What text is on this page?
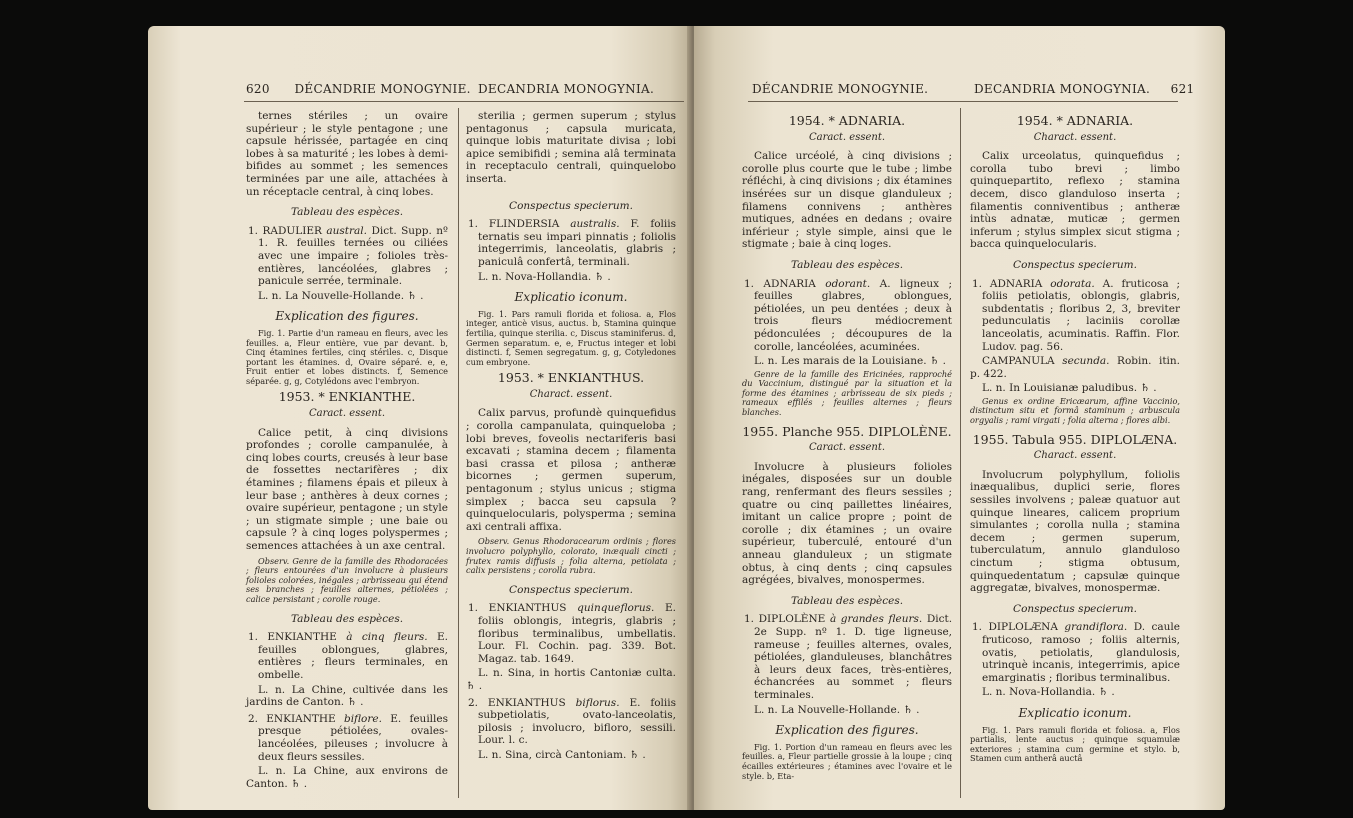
620 DÉCANDRIE MONOGYNIE. DECANDRIA MONOGYNIA.

ternes stériles ; un ovaire supérieur ; le style pentagone ; une capsule hérissée, partagée en cinq lobes à sa maturité ; les lobes à demi-bifides au sommet ; les semences terminées par une aile, attachées à un réceptacle central, à cinq lobes.

Tableau des espèces.

1. RADULIER austral. Dict. Supp. nº 1. R. feuilles ternées ou ciliées avec une impaire ; folioles très-entières, lancéolées, glabres ; panicule serrée, terminale.

L. n. La Nouvelle-Hollande. ♄ .

Explication des figures.

Fig. 1. Partie d'un rameau en fleurs, avec les feuilles. a, Fleur entière, vue par devant. b, Cinq étamines fertiles, cinq stériles. c, Disque portant les étamines. d, Ovaire séparé. e, e, Fruit entier et lobes distincts. f, Semence séparée. g, g, Cotylédons avec l'embryon.

1953. * ENKIANTHE.

Caract. essent.

Calice petit, à cinq divisions profondes ; corolle campanulée, à cinq lobes courts, creusés à leur base de fossettes nectarifères ; dix étamines ; filamens épais et pileux à leur base ; anthères à deux cornes ; ovaire supérieur, pentagone ; un style ; un stigmate simple ; une baie ou capsule ? à cinq loges polyspermes ; semences attachées à un axe central.

Observ. Genre de la famille des Rhodoracées ; fleurs entourées d'un involucre à plusieurs folioles colorées, inégales ; arbrisseau qui étend ses branches ; feuilles alternes, pétiolées ; calice persistant ; corolle rouge.

Tableau des espèces.

1. ENKIANTHE à cinq fleurs. E. feuilles oblongues, glabres, entières ; fleurs terminales, en ombelle.

L. n. La Chine, cultivée dans les jardins de Canton. ♄ .

2. ENKIANTHE biflore. E. feuilles presque pétiolées, ovales-lancéolées, pileuses ; involucre à deux fleurs sessiles.

L. n. La Chine, aux environs de Canton. ♄ .

sterilia ; germen superum ; stylus pentagonus ; capsula muricata, quinque lobis maturitate divisa ; lobi apice semibifidi ; semina alâ terminata in receptaculo centrali, quinquelobo inserta.

Conspectus specierum.

1. FLINDERSIA australis. F. foliis ternatis seu impari pinnatis ; foliolis integerrimis, lanceolatis, glabris ; paniculâ confertâ, terminali.

L. n. Nova-Hollandia. ♄ .

Explicatio iconum.

Fig. 1. Pars ramuli florida et foliosa. a, Flos integer, anticè visus, auctus. b, Stamina quinque fertilia, quinque sterilia. c, Discus staminiferus. d, Germen separatum. e, e, Fructus integer et lobi distincti. f, Semen segregatum. g, g, Cotyledones cum embryone.

1953. * ENKIANTHUS.

Charact. essent.

Calix parvus, profundè quinquefidus ; corolla campanulata, quinqueloba ; lobi breves, foveolis nectariferis basi excavati ; stamina decem ; filamenta basi crassa et pilosa ; antheræ bicornes ; germen superum, pentagonum ; stylus unicus ; stigma simplex ; bacca seu capsula ? quinquelocularis, polysperma ; semina axi centrali affixa.

Observ. Genus Rhodoracearum ordinis ; flores involucro polyphyllo, colorato, inæquali cincti ; frutex ramis diffusis ; folia alterna, petiolata ; calix persistens ; corolla rubra.

Conspectus specierum.

1. ENKIANTHUS quinqueflorus. E. foliis oblongis, integris, glabris ; floribus terminalibus, umbellatis. Lour. Fl. Cochin. pag. 339. Bot. Magaz. tab. 1649.

L. n. Sina, in hortis Cantoniæ culta. ♄ .

2. ENKIANTHUS biflorus. E. foliis subpetiolatis, ovato-lanceolatis, pilosis ; involucro, bifloro, sessili. Lour. l. c.

L. n. Sina, circà Cantoniam. ♄ .

DÉCANDRIE MONOGYNIE.	DECANDRIA MONOGYNIA. 621

1954. * ADNARIA.

Caract. essent.

Calice urcéolé, à cinq divisions ; corolle plus courte que le tube ; limbe réfléchi, à cinq divisions ; dix étamines insérées sur un disque glanduleux ; filamens connivens ; anthères mutiques, adnées en dedans ; ovaire inférieur ; style simple, ainsi que le stigmate ; baie à cinq loges.

Tableau des espèces.

1. ADNARIA odorant. A. ligneux ; feuilles glabres, oblongues, pétiolées, un peu dentées ; deux à trois fleurs médiocrement pédonculées ; découpures de la corolle, lancéolées, acuminées.

L. n. Les marais de la Louisiane. ♄ .

Genre de la famille des Ericinées, rapproché du Vaccinium, distingué par la situation et la forme des étamines ; arbrisseau de six pieds ; rameaux effilés ; feuilles alternes ; fleurs blanches.

1955. Planche 955. DIPLOLÈNE.

Caract. essent.

Involucre à plusieurs folioles inégales, disposées sur un double rang, renfermant des fleurs sessiles ; quatre ou cinq paillettes linéaires, imitant un calice propre ; point de corolle ; dix étamines ; un ovaire supérieur, tuberculé, entouré d'un anneau glanduleux ; un stigmate obtus, à cinq dents ; cinq capsules agrégées, bivalves, monospermes.

Tableau des espèces.

1. DIPLOLÈNE à grandes fleurs. Dict. 2e Supp. nº 1. D. tige ligneuse, rameuse ; feuilles alternes, ovales, pétiolées, glanduleuses, blanchâtres à leurs deux faces, très-entières, échancrées au sommet ; fleurs terminales.

L. n. La Nouvelle-Hollande. ♄ .

Explication des figures.

Fig. 1. Portion d'un rameau en fleurs avec les feuilles. a, Fleur partielle grossie à la loupe ; cinq écailles extérieures ; étamines avec l'ovaire et le style. b, Eta-

1954. * ADNARIA.

Charact. essent.

Calix urceolatus, quinquefidus ; corolla tubo brevi ; limbo quinquepartito, reflexo ; stamina decem, disco glanduloso inserta ; filamentis conniventibus ; antheræ intùs adnatæ, muticæ ; germen inferum ; stylus simplex sicut stigma ; bacca quinquelocularis.

Conspectus specierum.

1. ADNARIA odorata. A. fruticosa ; foliis petiolatis, oblongis, glabris, subdentatis ; floribus 2, 3, breviter pedunculatis ; laciniis corollæ lanceolatis, acuminatis. Raffin. Flor. Ludov. pag. 56.

CAMPANULA secunda. Robin. itin. p. 422.

L. n. In Louisianæ paludibus. ♄ .

Genus ex ordine Ericæarum, affine Vaccinio, distinctum situ et formâ staminum ; arbuscula orgyalis ; rami virgati ; folia alterna ; flores albi.

1955. Tabula 955. DIPLOLÆNA.

Charact. essent.

Involucrum polyphyllum, foliolis inæqualibus, duplici serie, flores sessiles involvens ; paleæ quatuor aut quinque lineares, calicem proprium simulantes ; corolla nulla ; stamina decem ; germen superum, tuberculatum, annulo glanduloso cinctum ; stigma obtusum, quinquedentatum ; capsulæ quinque aggregatæ, bivalves, monospermæ.

Conspectus specierum.

1. DIPLOLÆNA grandiflora. D. caule fruticoso, ramoso ; foliis alternis, ovatis, petiolatis, glandulosis, utrinquè incanis, integerrimis, apice emarginatis ; floribus terminalibus.

L. n. Nova-Hollandia. ♄ .

Explicatio iconum.

Fig. 1. Pars ramuli florida et foliosa. a, Flos partialis, lente auctus ; quinque squamulæ exteriores ; stamina cum germine et stylo. b, Stamen cum antherâ auctâ
